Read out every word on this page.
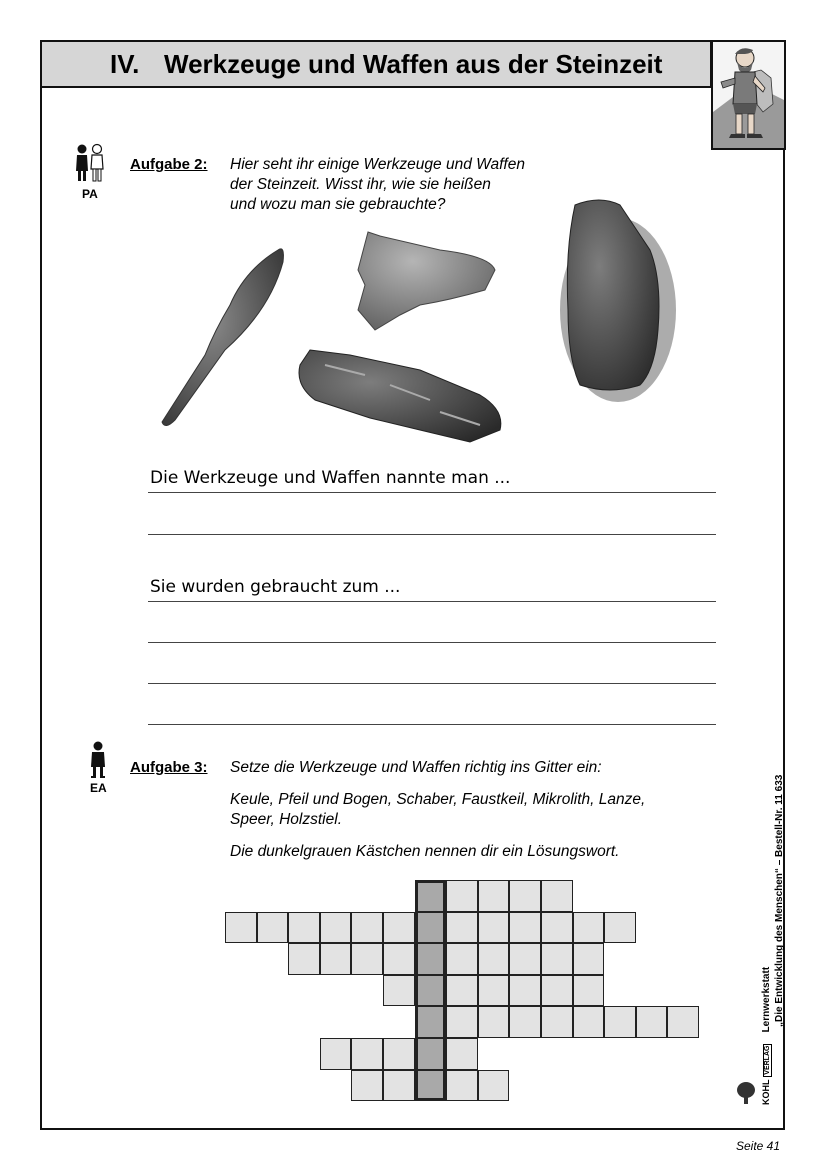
IV. Werkzeuge und Waffen aus der Steinzeit
PA
Aufgabe 2: Hier seht ihr einige Werkzeuge und Waffen
der Steinzeit. Wisst ihr, wie sie heißen
und wozu man sie gebrauchte?
Die Werkzeuge und Waffen nannte man ...
Sie wurden gebraucht zum ...
EA
Aufgabe 3: Setze die Werkzeuge und Waffen richtig ins Gitter ein:
Keule, Pfeil und Bogen, Schaber, Faustkeil, Mikrolith, Lanze,
Speer, Holzstiel.
Die dunkelgrauen Kästchen nennen dir ein Lösungswort.
KOHL VERLAG    Lernwerkstatt „Die Entwicklung des Menschen“ – Bestell-Nr. 11 633
Seite 41
